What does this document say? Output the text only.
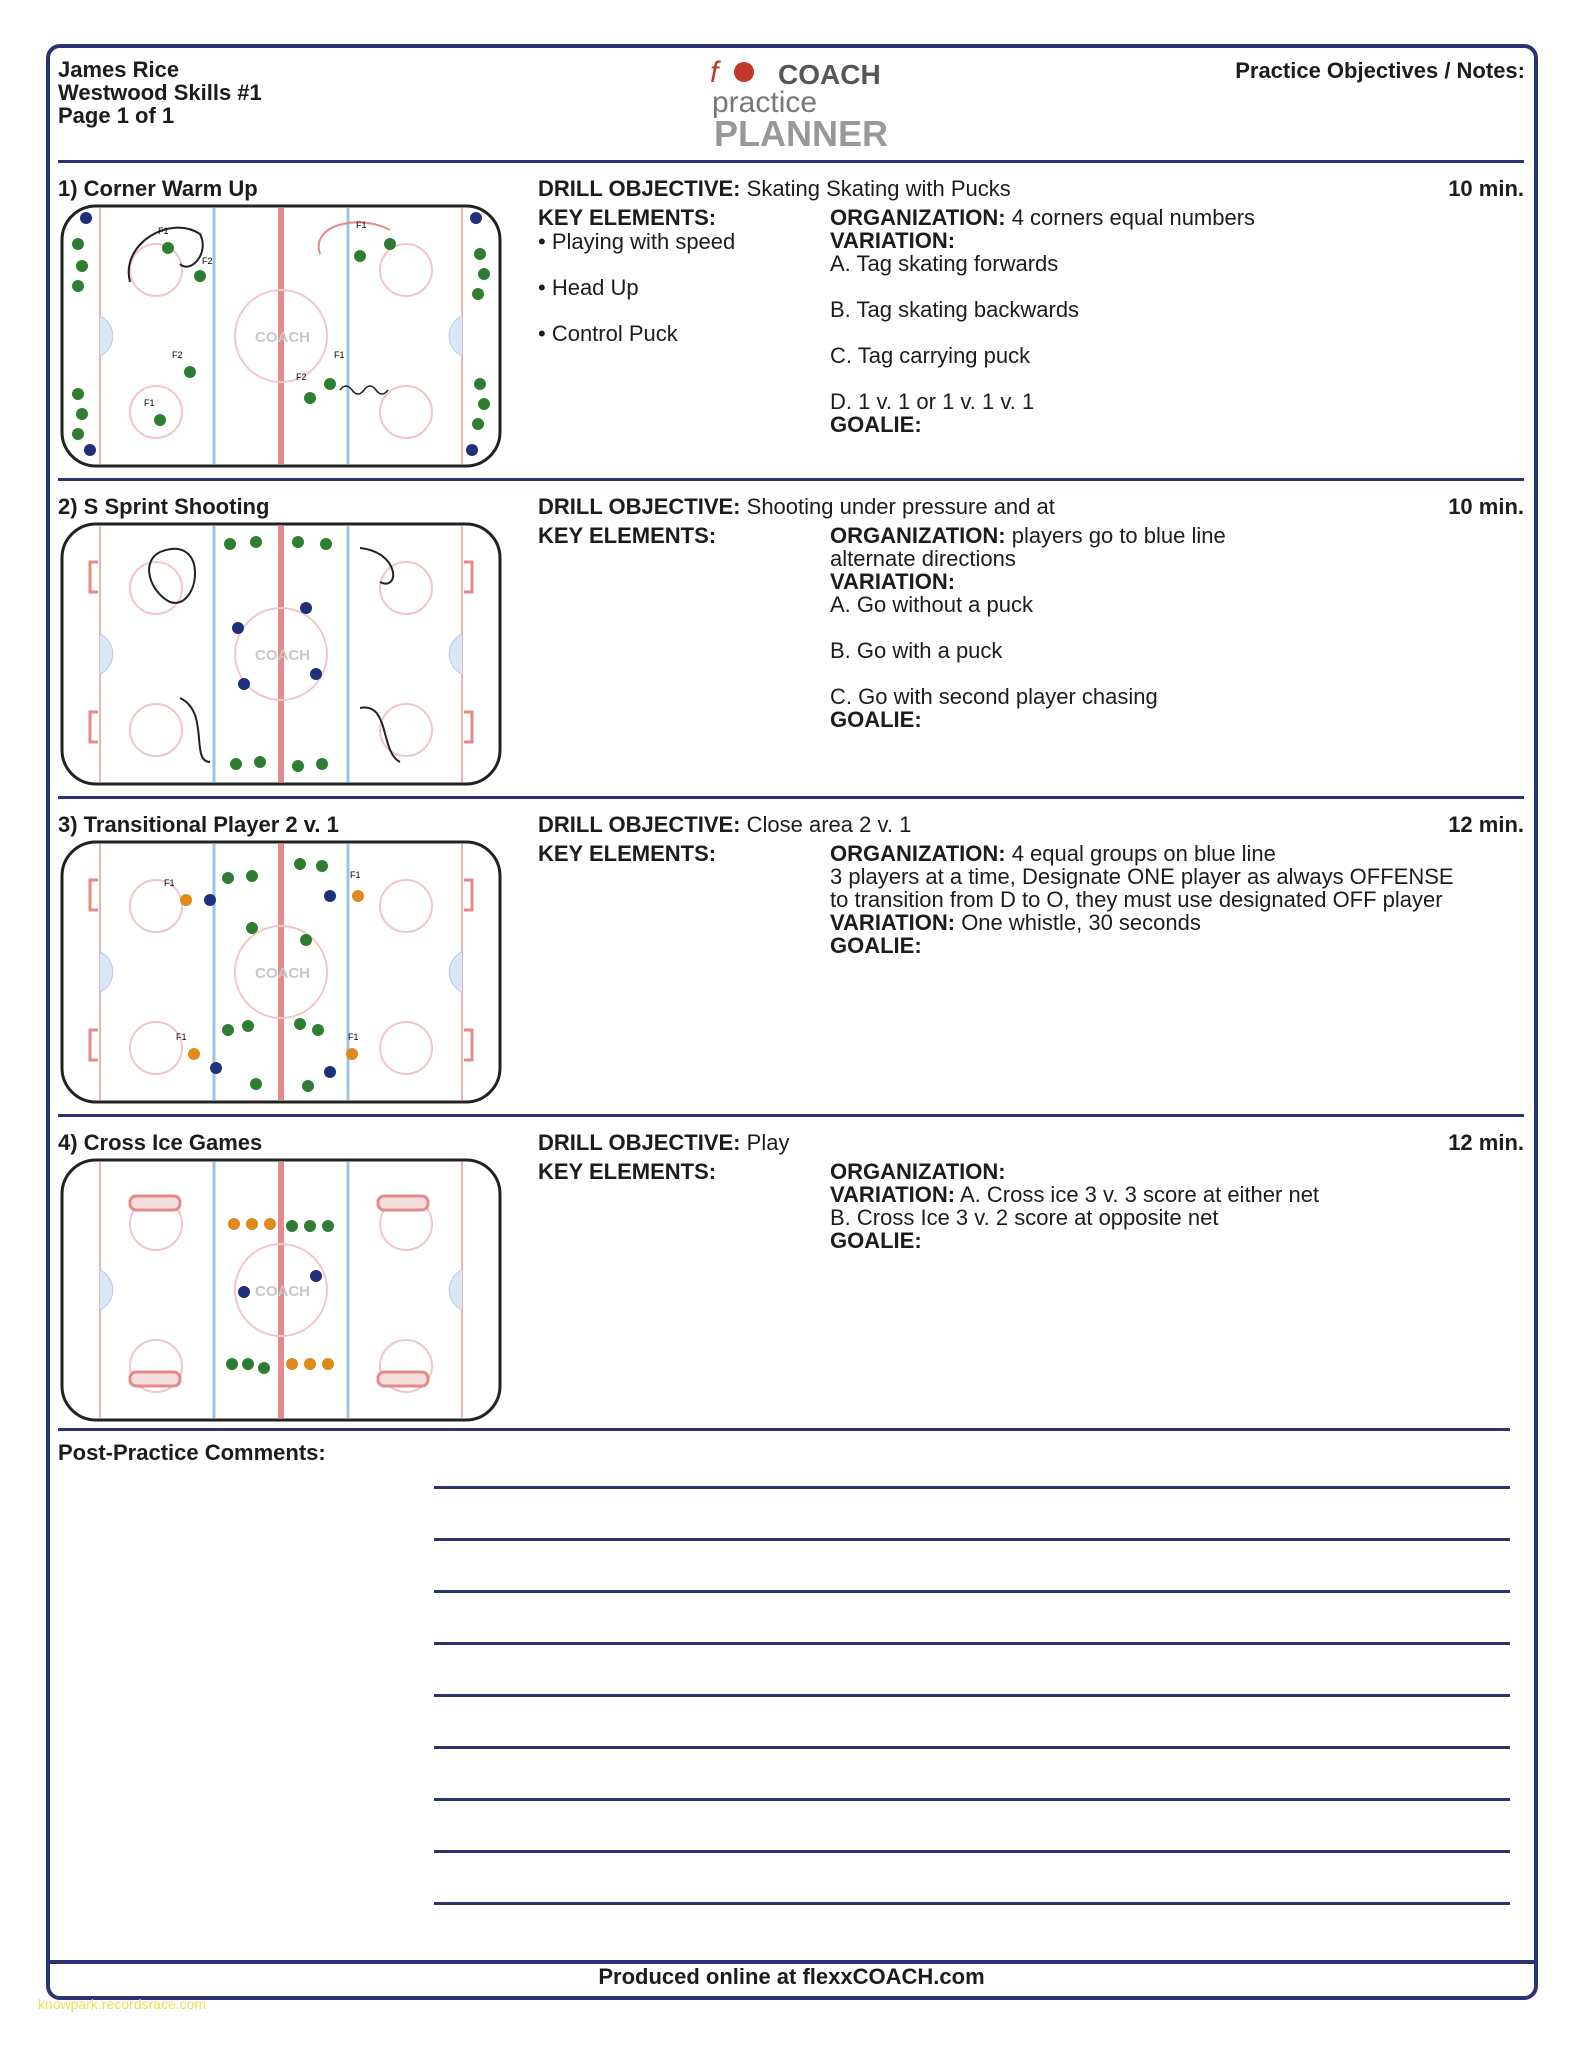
James Rice
Westwood Skills #1
Page 1 of 1
f COACH
practice
PLANNER
Practice Objectives / Notes:
1) Corner Warm Up
F1
F2
F1
F2
F1
F1
F2
DRILL OBJECTIVE: Skating Skating with Pucks	10 min.
KEY ELEMENTS:
• Playing with speed
• Head Up
• Control Puck
ORGANIZATION: 4 corners equal numbers
VARIATION:
A. Tag skating forwards
B. Tag skating backwards
C. Tag carrying puck
D. 1 v. 1 or 1 v. 1 v. 1
GOALIE:
2) S Sprint Shooting	DRILL OBJECTIVE: Shooting under pressure and at	10 min.
KEY ELEMENTS:	ORGANIZATION: players go to blue line
alternate directions
VARIATION:
A. Go without a puck
B. Go with a puck
C. Go with second player chasing
GOALIE:
3) Transitional Player 2 v. 1
F1
F1
F1	F1
DRILL OBJECTIVE: Close area 2 v. 1	12 min.
KEY ELEMENTS:	ORGANIZATION: 4 equal groups on blue line
3 players at a time, Designate ONE player as always OFFENSE
to transition from D to O, they must use designated OFF player
VARIATION: One whistle, 30 seconds
GOALIE:
4) Cross Ice Games	DRILL OBJECTIVE: Play	12 min.
KEY ELEMENTS:	ORGANIZATION:
VARIATION: A. Cross ice 3 v. 3 score at either net
B. Cross Ice 3 v. 2 score at opposite net
GOALIE:
Post-Practice Comments:
Produced online at flexxCOACH.com
knowpark.recordsrace.com
